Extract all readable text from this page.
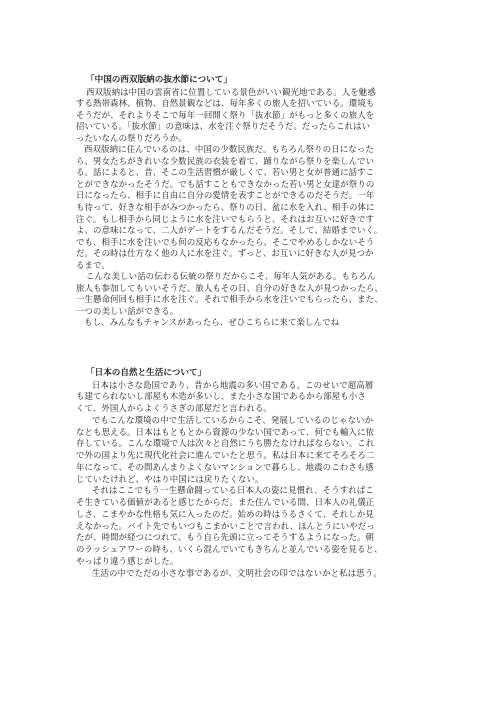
「中国の西双版納の抜水節について」
西双版納は中国の雲南省に位置している景色がいい観光地である。人を魅惑
する熱帯森林、植物、自然景観などは、毎年多くの旅人を招いている。環境も
そうだが、それよりそこで毎年一回開く祭り「抜水節」がもっと多くの旅人を
招いている。「抜水節」の意味は、水を注ぐ祭りだそうだ。だったらこれはい
ったいなんの祭りだろうか。
西双版納に住んでいるのは、中国の少数民族だ。もちろん祭りの日になった
ら、男女たちがきれいな少数民族の衣装を着て、踊りながら祭りを楽しんでい
る。話によると、昔、そこの生活習慣が厳しくて、若い男と女が普通に話すこ
とができなかったそうだ。でも話すこともできなかった若い男と女達が祭りの
日になったら、相手に自由に自分の愛情を表すことができるのだそうだ。一年
も待って、好きな相手がみつかったら、祭りの日、盆に水を入れ、相手の体に
注ぐ。もし相手から同じように水を注いでもらうと、それはお互いに好きです
よ、の意味になって、二人がデートをするんだそうだ。そして、結婚までいく。
でも、相手に水を注いでも何の反応もなかったら、そこでやめるしかないそう
だ。その時は仕方なく他の人に水を注ぐ。ずっと、お互いに好きな人が見つか
るまで。
こんな美しい話の伝わる伝統の祭りだからこそ、毎年人気がある。もちろん
旅人も参加してもいいそうだ。旅人もその日、自分の好きな人が見つかったら、
一生懸命何回も相手に水を注ぐ。それで相手から水を注いでもらったら、また、
一つの美しい話ができる。
もし、みんなもチャンスがあったら、ぜひこちらに来て楽しんでね
「日本の自然と生活について」
日本は小さな島国であり、昔から地震の多い国である。このせいで超高層
も建てられないし部屋も木造が多いし、また小さな国であるから部屋も小さ
くて、外国人からよくうさぎの部屋だと言われる。
でもこんな環境の中で生活しているからこそ、発展しているのじゃないか
なとも思える。日本はもともとから資源の少ない国であって、何でも輸入に依
存している。こんな環境で人は次々と自然にうち勝たなければならない。これ
で外の国より先に現代化社会に進んでいたと思う。私は日本に来てそろそろ二
年になって、その間あんまりよくないマンションで暮らし、地震のこわさも感
じていたけれど、やはり中国には戻りたくない。
それはここでもう一生懸命闘っている日本人の姿に見慣れ、そうすればこ
そ生きている価値があると感じたからだ。また住んでいる間、日本人の礼儀正
しさ、こまやかな性格も気に入ったのだ。始めの時はうるさくて、それしか見
えなかった。バイト先でもいつもこまかいことで言われ、ほんとうにいやだっ
たが、時間が経つにつれて、もう自ら先頭に立ってそうするようになった。朝
のラッシュアワーの時も、いくら混んでいてもきちんと並んでいる姿を見ると、
やっぱり違う感じがした。
生活の中でただの小さな事であるが、文明社会の印ではないかと私は思う。
